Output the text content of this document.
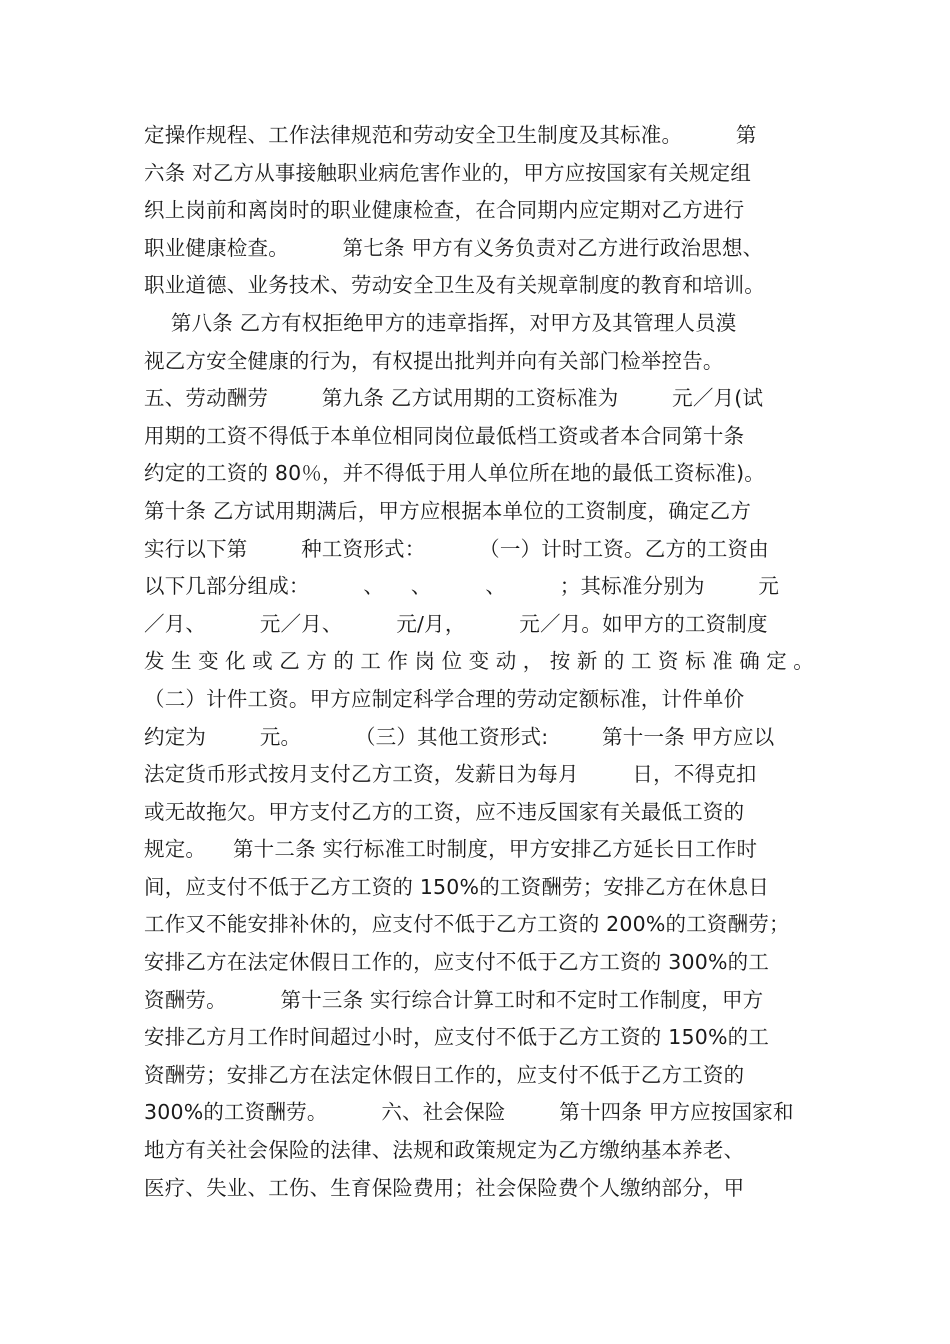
定操作规程、工作法律规范和劳动安全卫生制度及其标准。        第
六条 对乙方从事接触职业病危害作业的，甲方应按国家有关规定组
织上岗前和离岗时的职业健康检查，在合同期内应定期对乙方进行
职业健康检查。        第七条 甲方有义务负责对乙方进行政治思想、
职业道德、业务技术、劳动安全卫生及有关规章制度的教育和培训。
第八条 乙方有权拒绝甲方的违章指挥，对甲方及其管理人员漠
视乙方安全健康的行为，有权提出批判并向有关部门检举控告。
五、劳动酬劳        第九条 乙方试用期的工资标准为        元／月(试
用期的工资不得低于本单位相同岗位最低档工资或者本合同第十条
约定的工资的 80％，并不得低于用人单位所在地的最低工资标准)。
第十条 乙方试用期满后，甲方应根据本单位的工资制度，确定乙方
实行以下第        种工资形式：        （一）计时工资。乙方的工资由
以下几部分组成：        、    、        、        ；其标准分别为        元
／月、        元／月、        元/月，        元／月。如甲方的工资制度
发生变化或乙方的工作岗位变动，按新的工资标准确定。
（二）计件工资。甲方应制定科学合理的劳动定额标准，计件单价
约定为        元。        （三）其他工资形式:        第十一条 甲方应以
法定货币形式按月支付乙方工资，发薪日为每月        日，不得克扣
或无故拖欠。甲方支付乙方的工资，应不违反国家有关最低工资的
规定。    第十二条 实行标准工时制度，甲方安排乙方延长日工作时
间，应支付不低于乙方工资的 150%的工资酬劳；安排乙方在休息日
工作又不能安排补休的，应支付不低于乙方工资的 200%的工资酬劳；
安排乙方在法定休假日工作的，应支付不低于乙方工资的 300%的工
资酬劳。        第十三条 实行综合计算工时和不定时工作制度，甲方
安排乙方月工作时间超过小时，应支付不低于乙方工资的 150%的工
资酬劳；安排乙方在法定休假日工作的，应支付不低于乙方工资的
300%的工资酬劳。        六、社会保险        第十四条 甲方应按国家和
地方有关社会保险的法律、法规和政策规定为乙方缴纳基本养老、
医疗、失业、工伤、生育保险费用；社会保险费个人缴纳部分，甲
